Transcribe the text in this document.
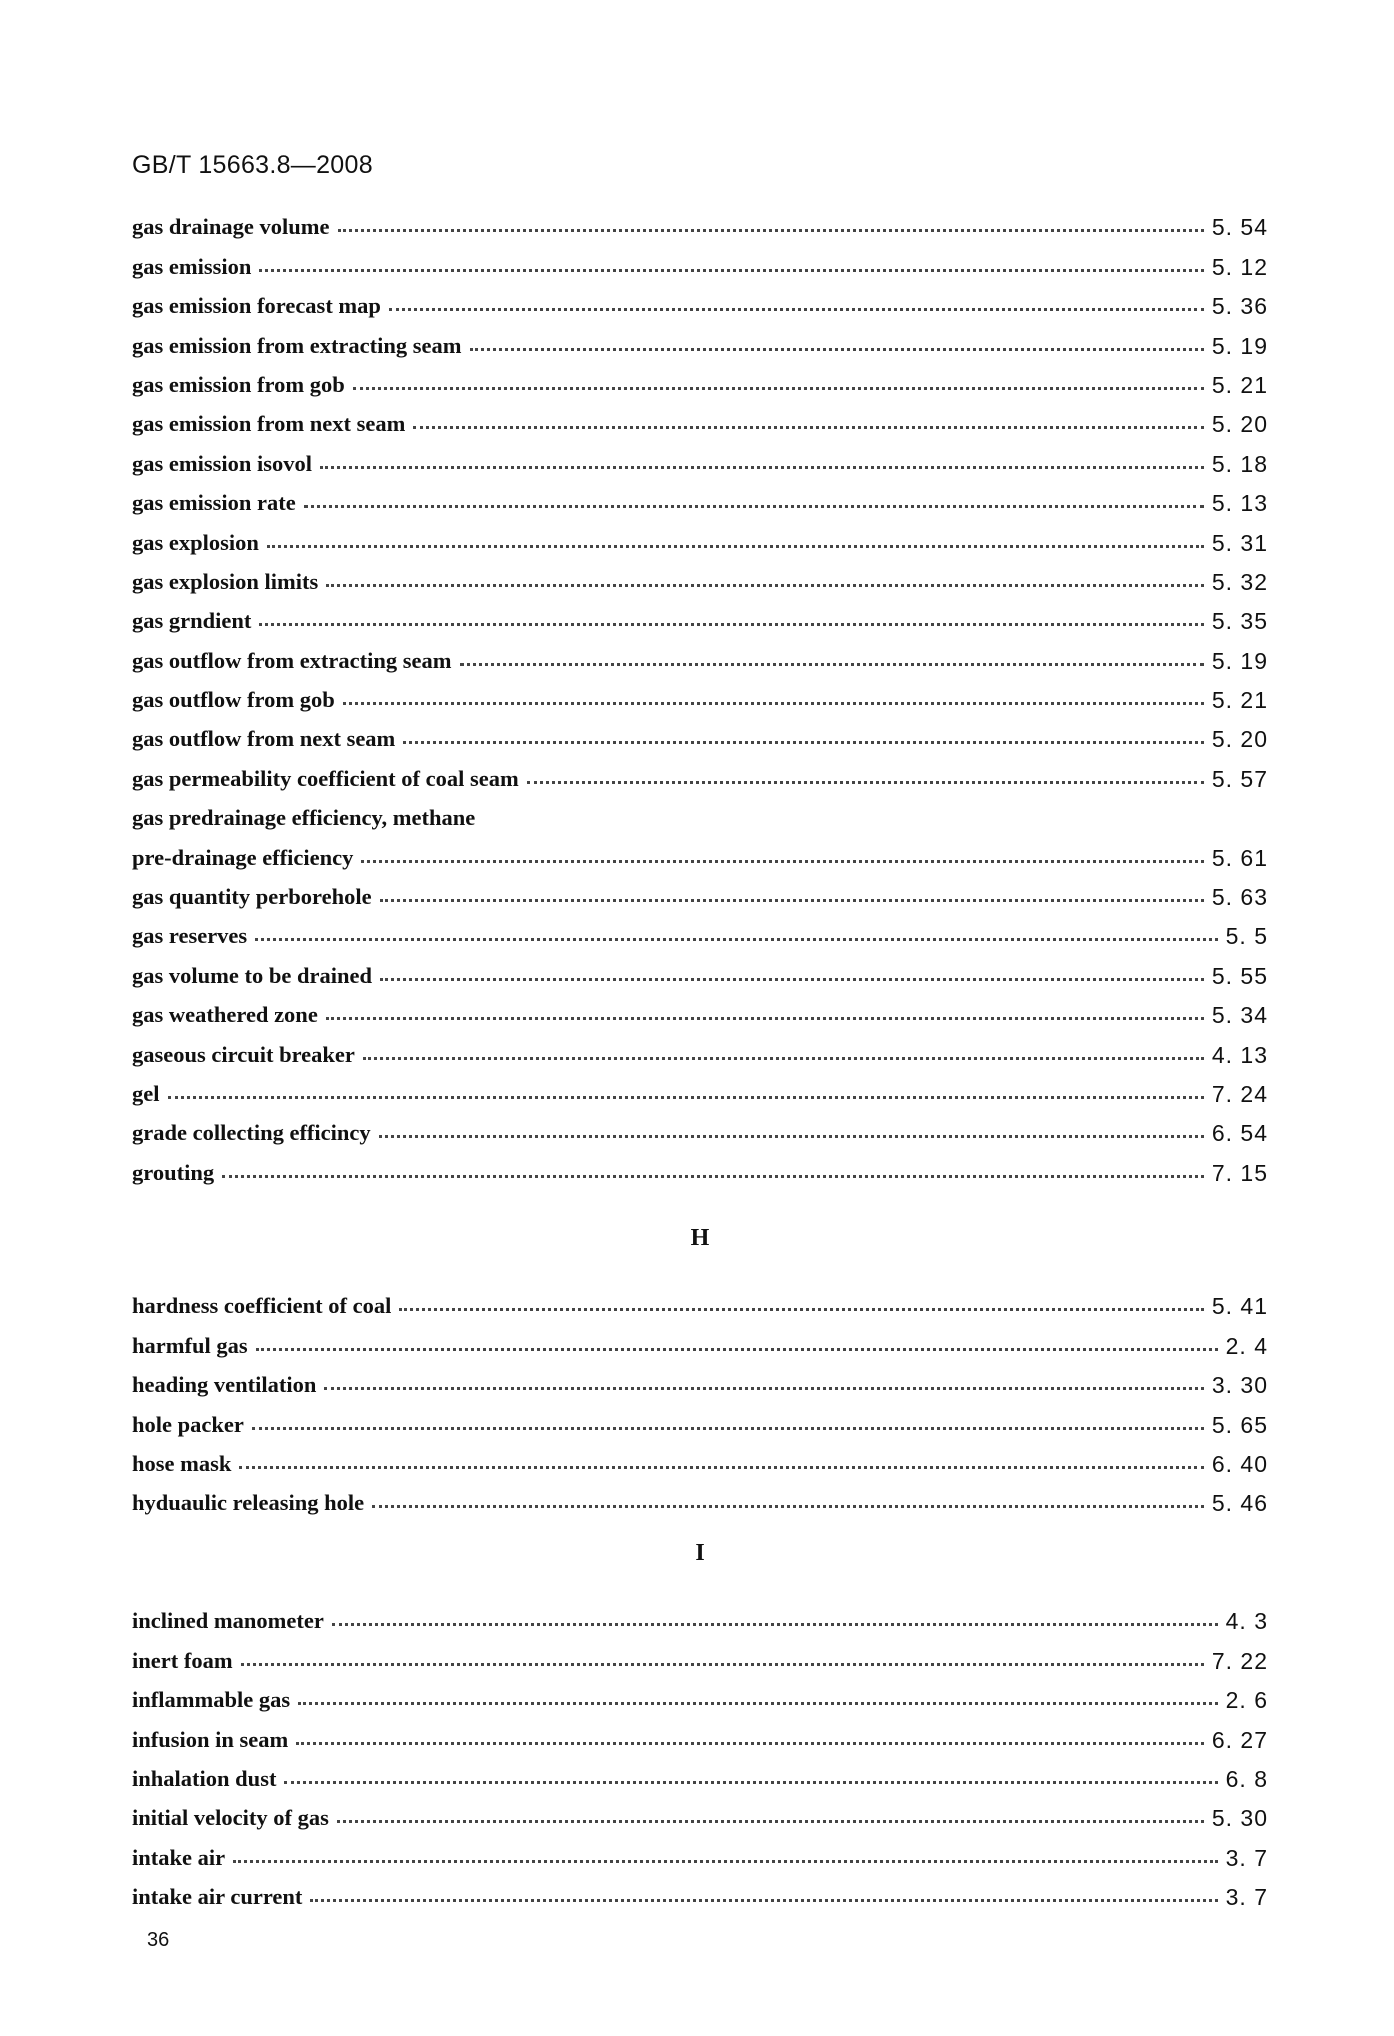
GB/T 15663.8—2008
gas drainage volume	5. 54
gas emission	5. 12
gas emission forecast map	5. 36
gas emission from extracting seam	5. 19
gas emission from gob	5. 21
gas emission from next seam	5. 20
gas emission isovol	5. 18
gas emission rate	5. 13
gas explosion	5. 31
gas explosion limits	5. 32
gas grndient	5. 35
gas outflow from extracting seam	5. 19
gas outflow from gob	5. 21
gas outflow from next seam	5. 20
gas permeability coefficient of coal seam	5. 57
gas predrainage efficiency, methane
pre-drainage efficiency	5. 61
gas quantity perborehole	5. 63
gas reserves	5. 5
gas volume to be drained	5. 55
gas weathered zone	5. 34
gaseous circuit breaker	4. 13
gel	7. 24
grade collecting efficincy	6. 54
grouting	7. 15
H
hardness coefficient of coal	5. 41
harmful gas	2. 4
heading ventilation	3. 30
hole packer	5. 65
hose mask	6. 40
hyduaulic releasing hole	5. 46
I
inclined manometer	4. 3
inert foam	7. 22
inflammable gas	2. 6
infusion in seam	6. 27
inhalation dust	6. 8
initial velocity of gas	5. 30
intake air	3. 7
intake air current	3. 7
36
